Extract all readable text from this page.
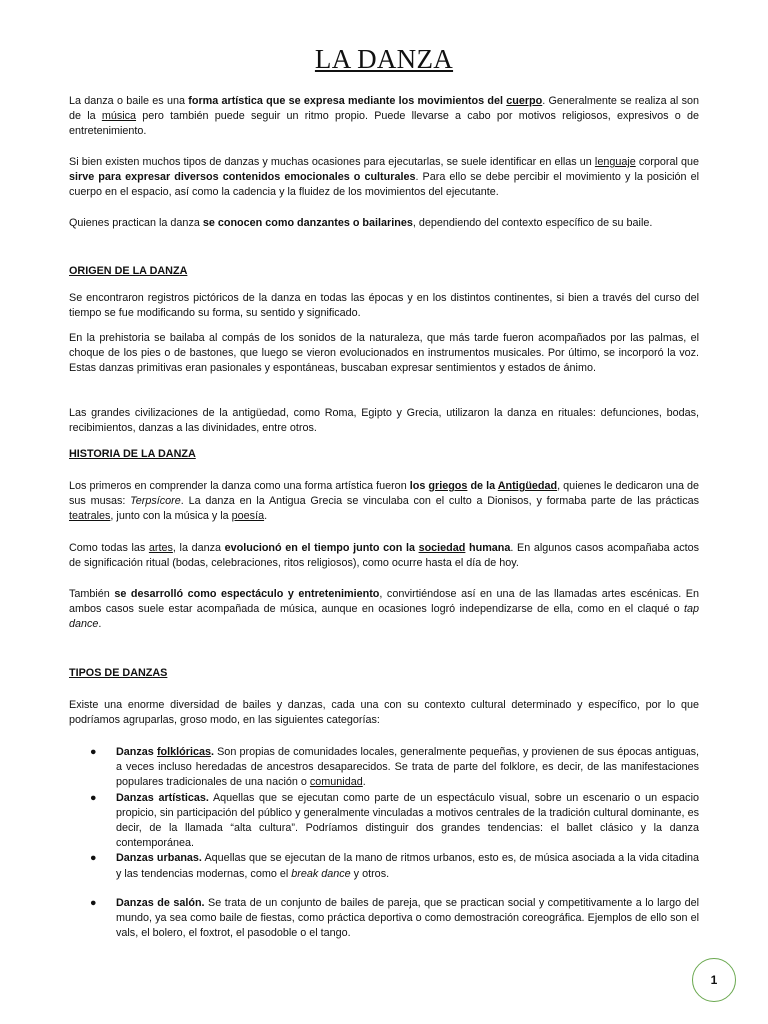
LA DANZA

La danza o baile es una forma artística que se expresa mediante los movimientos del cuerpo. Generalmente se realiza al son de la música pero también puede seguir un ritmo propio. Puede llevarse a cabo por motivos religiosos, expresivos o de entretenimiento.

Si bien existen muchos tipos de danzas y muchas ocasiones para ejecutarlas, se suele identificar en ellas un lenguaje corporal que sirve para expresar diversos contenidos emocionales o culturales. Para ello se debe percibir el movimiento y la posición el cuerpo en el espacio, así como la cadencia y la fluidez de los movimientos del ejecutante.

Quienes practican la danza se conocen como danzantes o bailarines, dependiendo del contexto específico de su baile.

ORIGEN DE LA DANZA

Se encontraron registros pictóricos de la danza en todas las épocas y en los distintos continentes, si bien a través del curso del tiempo se fue modificando su forma, su sentido y significado.

En la prehistoria se bailaba al compás de los sonidos de la naturaleza, que más tarde fueron acompañados por las palmas, el choque de los pies o de bastones, que luego se vieron evolucionados en instrumentos musicales. Por último, se incorporó la voz. Estas danzas primitivas eran pasionales y espontáneas, buscaban expresar sentimientos y estados de ánimo.

Las grandes civilizaciones de la antigüedad, como Roma, Egipto y Grecia, utilizaron la danza en rituales: defunciones, bodas, recibimientos, danzas a las divinidades, entre otros.

HISTORIA DE LA DANZA

Los primeros en comprender la danza como una forma artística fueron los griegos de la Antigüedad, quienes le dedicaron una de sus musas: Terpsícore. La danza en la Antigua Grecia se vinculaba con el culto a Dionisos, y formaba parte de las prácticas teatrales, junto con la música y la poesía.

Como todas las artes, la danza evolucionó en el tiempo junto con la sociedad humana. En algunos casos acompañaba actos de significación ritual (bodas, celebraciones, ritos religiosos), como ocurre hasta el día de hoy.

También se desarrolló como espectáculo y entretenimiento, convirtiéndose así en una de las llamadas artes escénicas. En ambos casos suele estar acompañada de música, aunque en ocasiones logró independizarse de ella, como en el claqué o tap dance.

TIPOS DE DANZAS

Existe una enorme diversidad de bailes y danzas, cada una con su contexto cultural determinado y específico, por lo que podríamos agruparlas, groso modo, en las siguientes categorías:

● Danzas folklóricas. Son propias de comunidades locales, generalmente pequeñas, y provienen de sus épocas antiguas, a veces incluso heredadas de ancestros desaparecidos. Se trata de parte del folklore, es decir, de las manifestaciones populares tradicionales de una nación o comunidad.
● Danzas artísticas. Aquellas que se ejecutan como parte de un espectáculo visual, sobre un escenario o un espacio propicio, sin participación del público y generalmente vinculadas a motivos centrales de la tradición cultural dominante, es decir, de la llamada “alta cultura”. Podríamos distinguir dos grandes tendencias: el ballet clásico y la danza contemporánea.
● Danzas urbanas. Aquellas que se ejecutan de la mano de ritmos urbanos, esto es, de música asociada a la vida citadina y las tendencias modernas, como el break dance y otros.
● Danzas de salón. Se trata de un conjunto de bailes de pareja, que se practican social y competitivamente a lo largo del mundo, ya sea como baile de fiestas, como práctica deportiva o como demostración coreográfica. Ejemplos de ello son el vals, el bolero, el foxtrot, el pasodoble o el tango.
1
